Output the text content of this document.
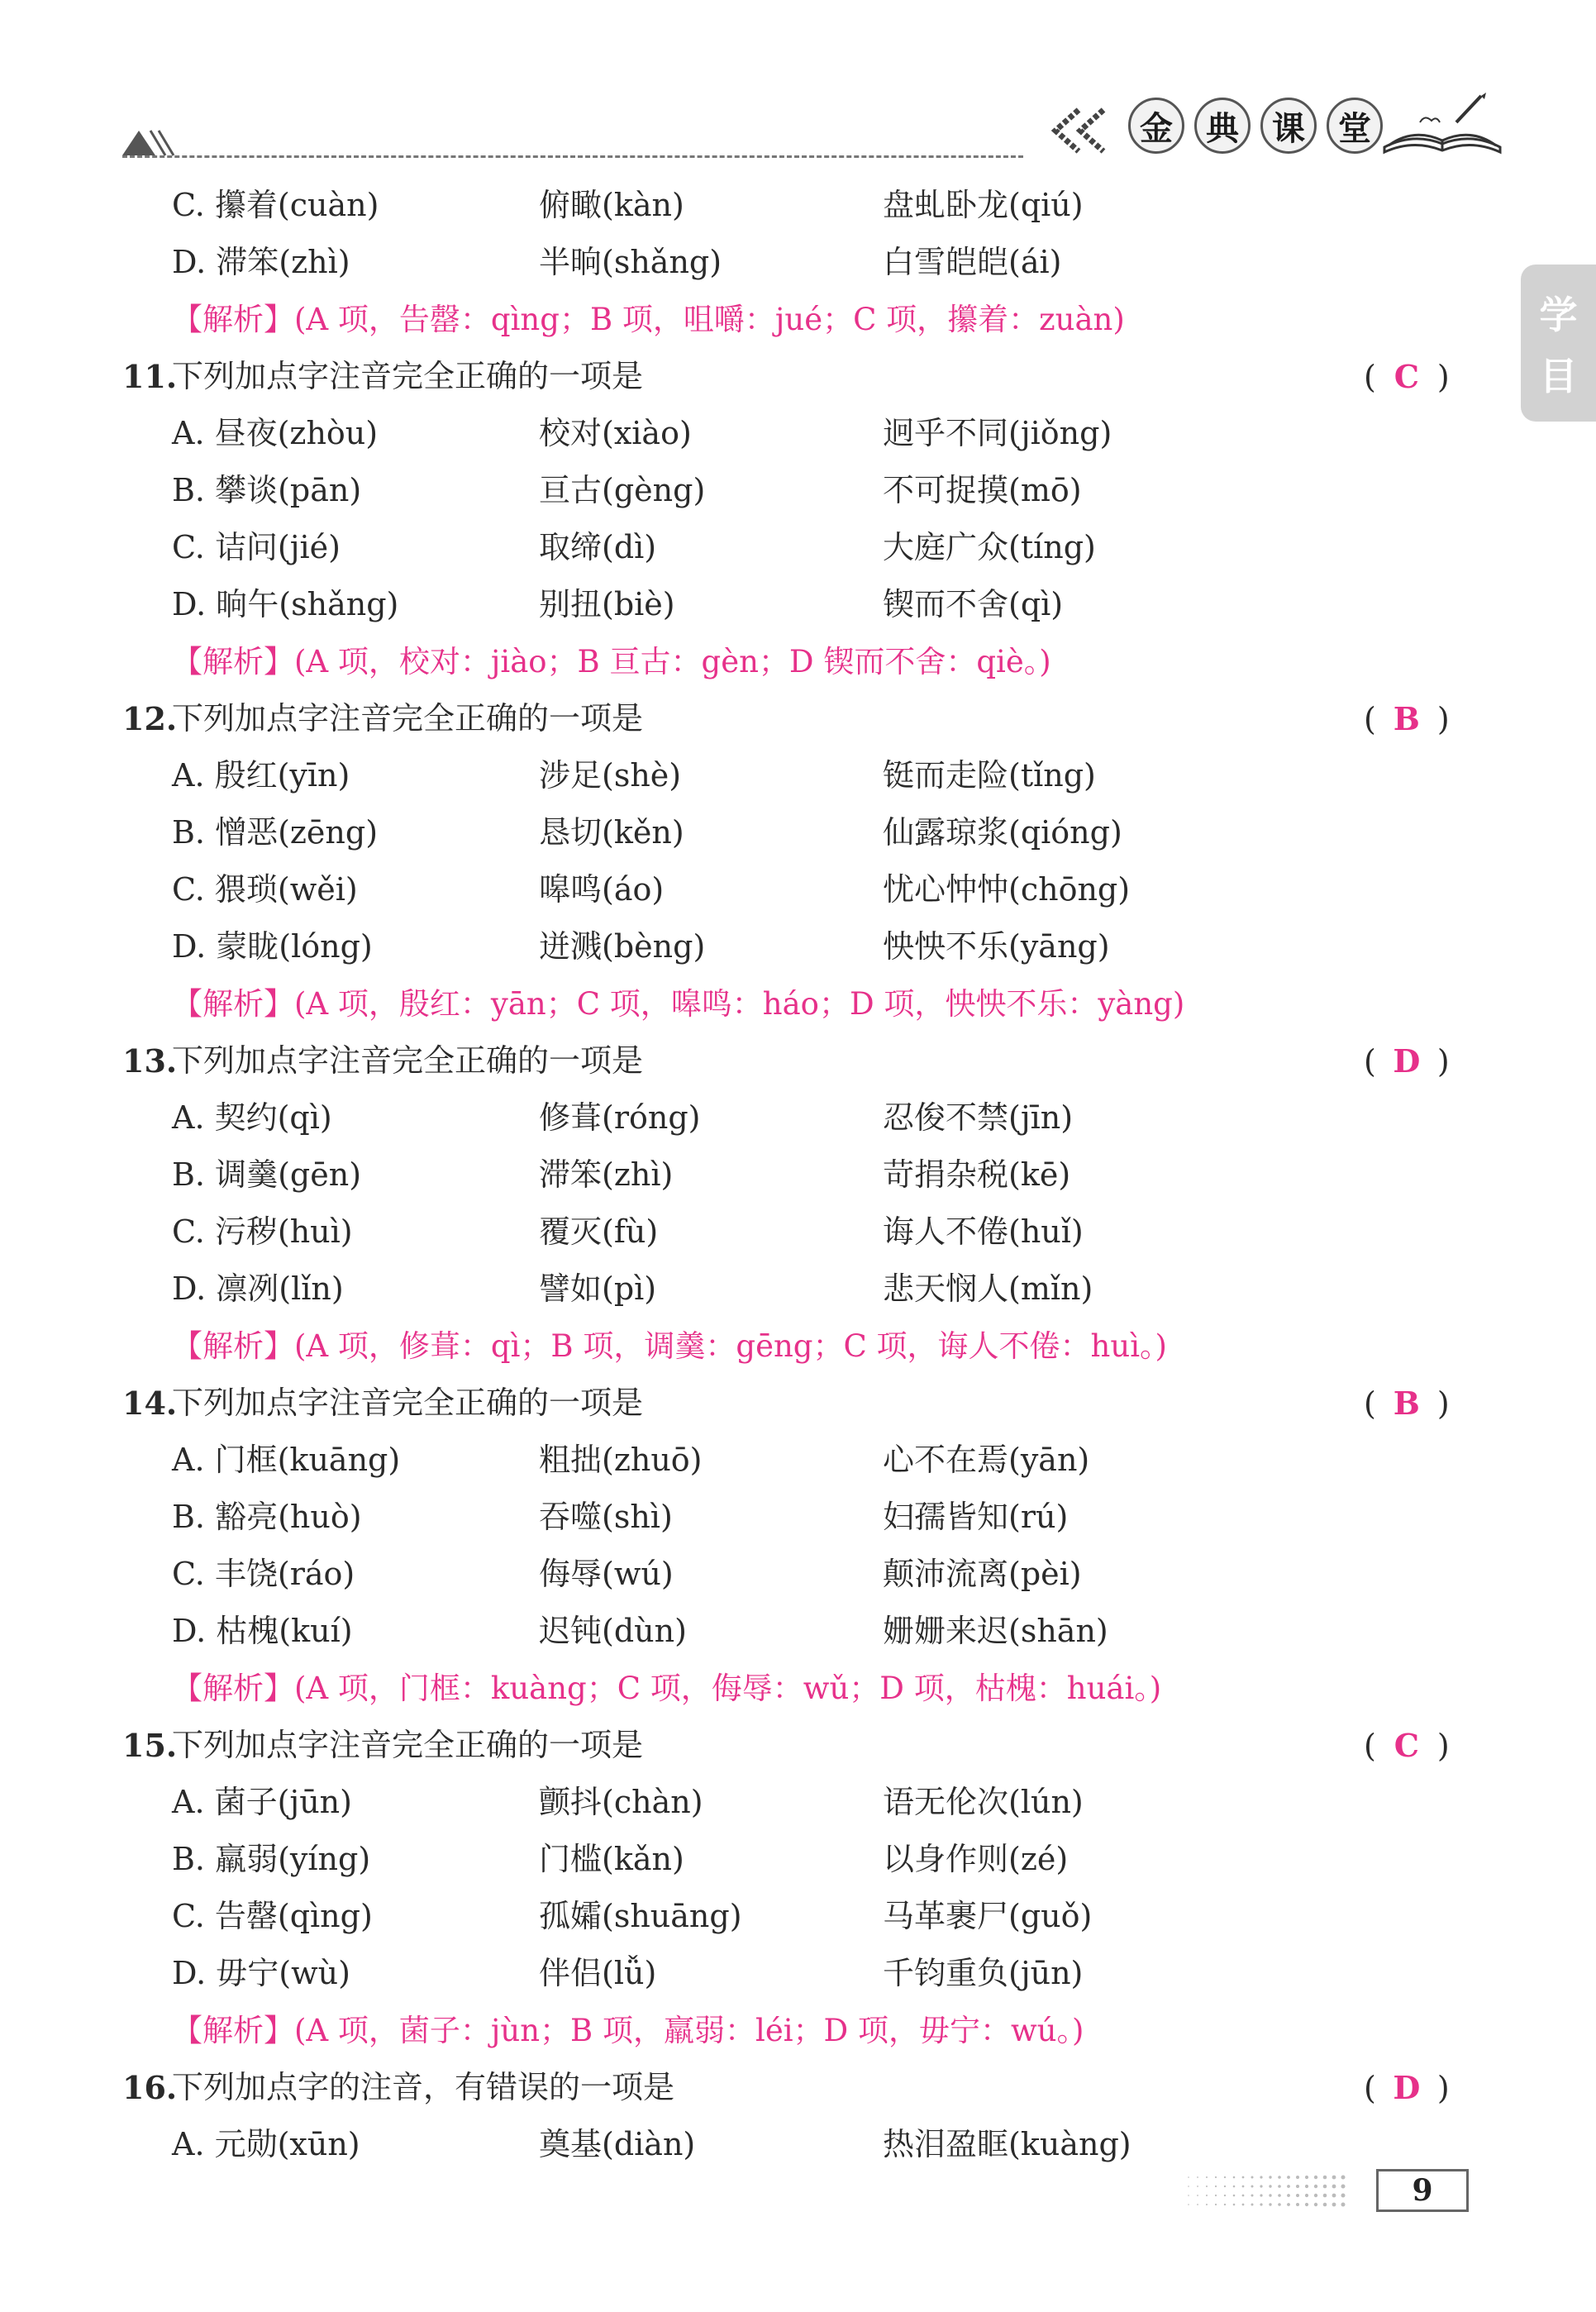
金	典	课	堂
学
目
C. 攥着(cuàn)	俯瞰(kàn)	盘虬卧龙(qiú)
D. 滞笨(zhì)	半晌(shǎng)	白雪皑皑(ái)
【解析】(A 项，告罄：qìng；B 项，咀嚼：jué；C 项，攥着：zuàn)
11.
下列加点字注音完全正确的一项是	( C )
A. 昼夜(zhòu)	校对(xiào)	迥乎不同(jiǒng)
B. 攀谈(pān)	亘古(gèng)	不可捉摸(mō)
C. 诘问(jié)	取缔(dì)	大庭广众(tíng)
D. 晌午(shǎng)	别扭(biè)	锲而不舍(qì)
【解析】(A 项，校对：jiào；B 亘古：gèn；D 锲而不舍：qiè。)
12.
下列加点字注音完全正确的一项是	( B )
A. 殷红(yīn)	涉足(shè)	铤而走险(tǐng)
B. 憎恶(zēng)	恳切(kěn)	仙露琼浆(qióng)
C. 猥琐(wěi)	嗥鸣(áo)	忧心忡忡(chōng)
D. 蒙眬(lóng)	迸溅(bèng)	怏怏不乐(yāng)
【解析】(A 项，殷红：yān；C 项，嗥鸣：háo；D 项，怏怏不乐：yàng)
13.
下列加点字注音完全正确的一项是	( D )
A. 契约(qì)	修葺(róng)	忍俊不禁(jīn)
B. 调羹(gēn)	滞笨(zhì)	苛捐杂税(kē)
C. 污秽(huì)	覆灭(fù)	诲人不倦(huǐ)
D. 凛冽(lǐn)	譬如(pì)	悲天悯人(mǐn)
【解析】(A 项，修葺：qì；B 项，调羹：gēng；C 项，诲人不倦：huì。)
14.
下列加点字注音完全正确的一项是	( B )
A. 门框(kuāng)	粗拙(zhuō)	心不在焉(yān)
B. 豁亮(huò)	吞噬(shì)	妇孺皆知(rú)
C. 丰饶(ráo)	侮辱(wú)	颠沛流离(pèi)
D. 枯槐(kuí)	迟钝(dùn)	姗姗来迟(shān)
【解析】(A 项，门框：kuàng；C 项，侮辱：wǔ；D 项，枯槐：huái。)
15.
下列加点字注音完全正确的一项是	( C )
A. 菌子(jūn)	颤抖(chàn)	语无伦次(lún)
B. 羸弱(yíng)	门槛(kǎn)	以身作则(zé)
C. 告罄(qìng)	孤孀(shuāng)	马革裹尸(guǒ)
D. 毋宁(wù)	伴侣(lǚ)	千钧重负(jūn)
【解析】(A 项，菌子：jùn；B 项，羸弱：léi；D 项，毋宁：wú。)
16.
下列加点字的注音，有错误的一项是	( D )
A. 元勋(xūn)	奠基(diàn)	热泪盈眶(kuàng)
9
